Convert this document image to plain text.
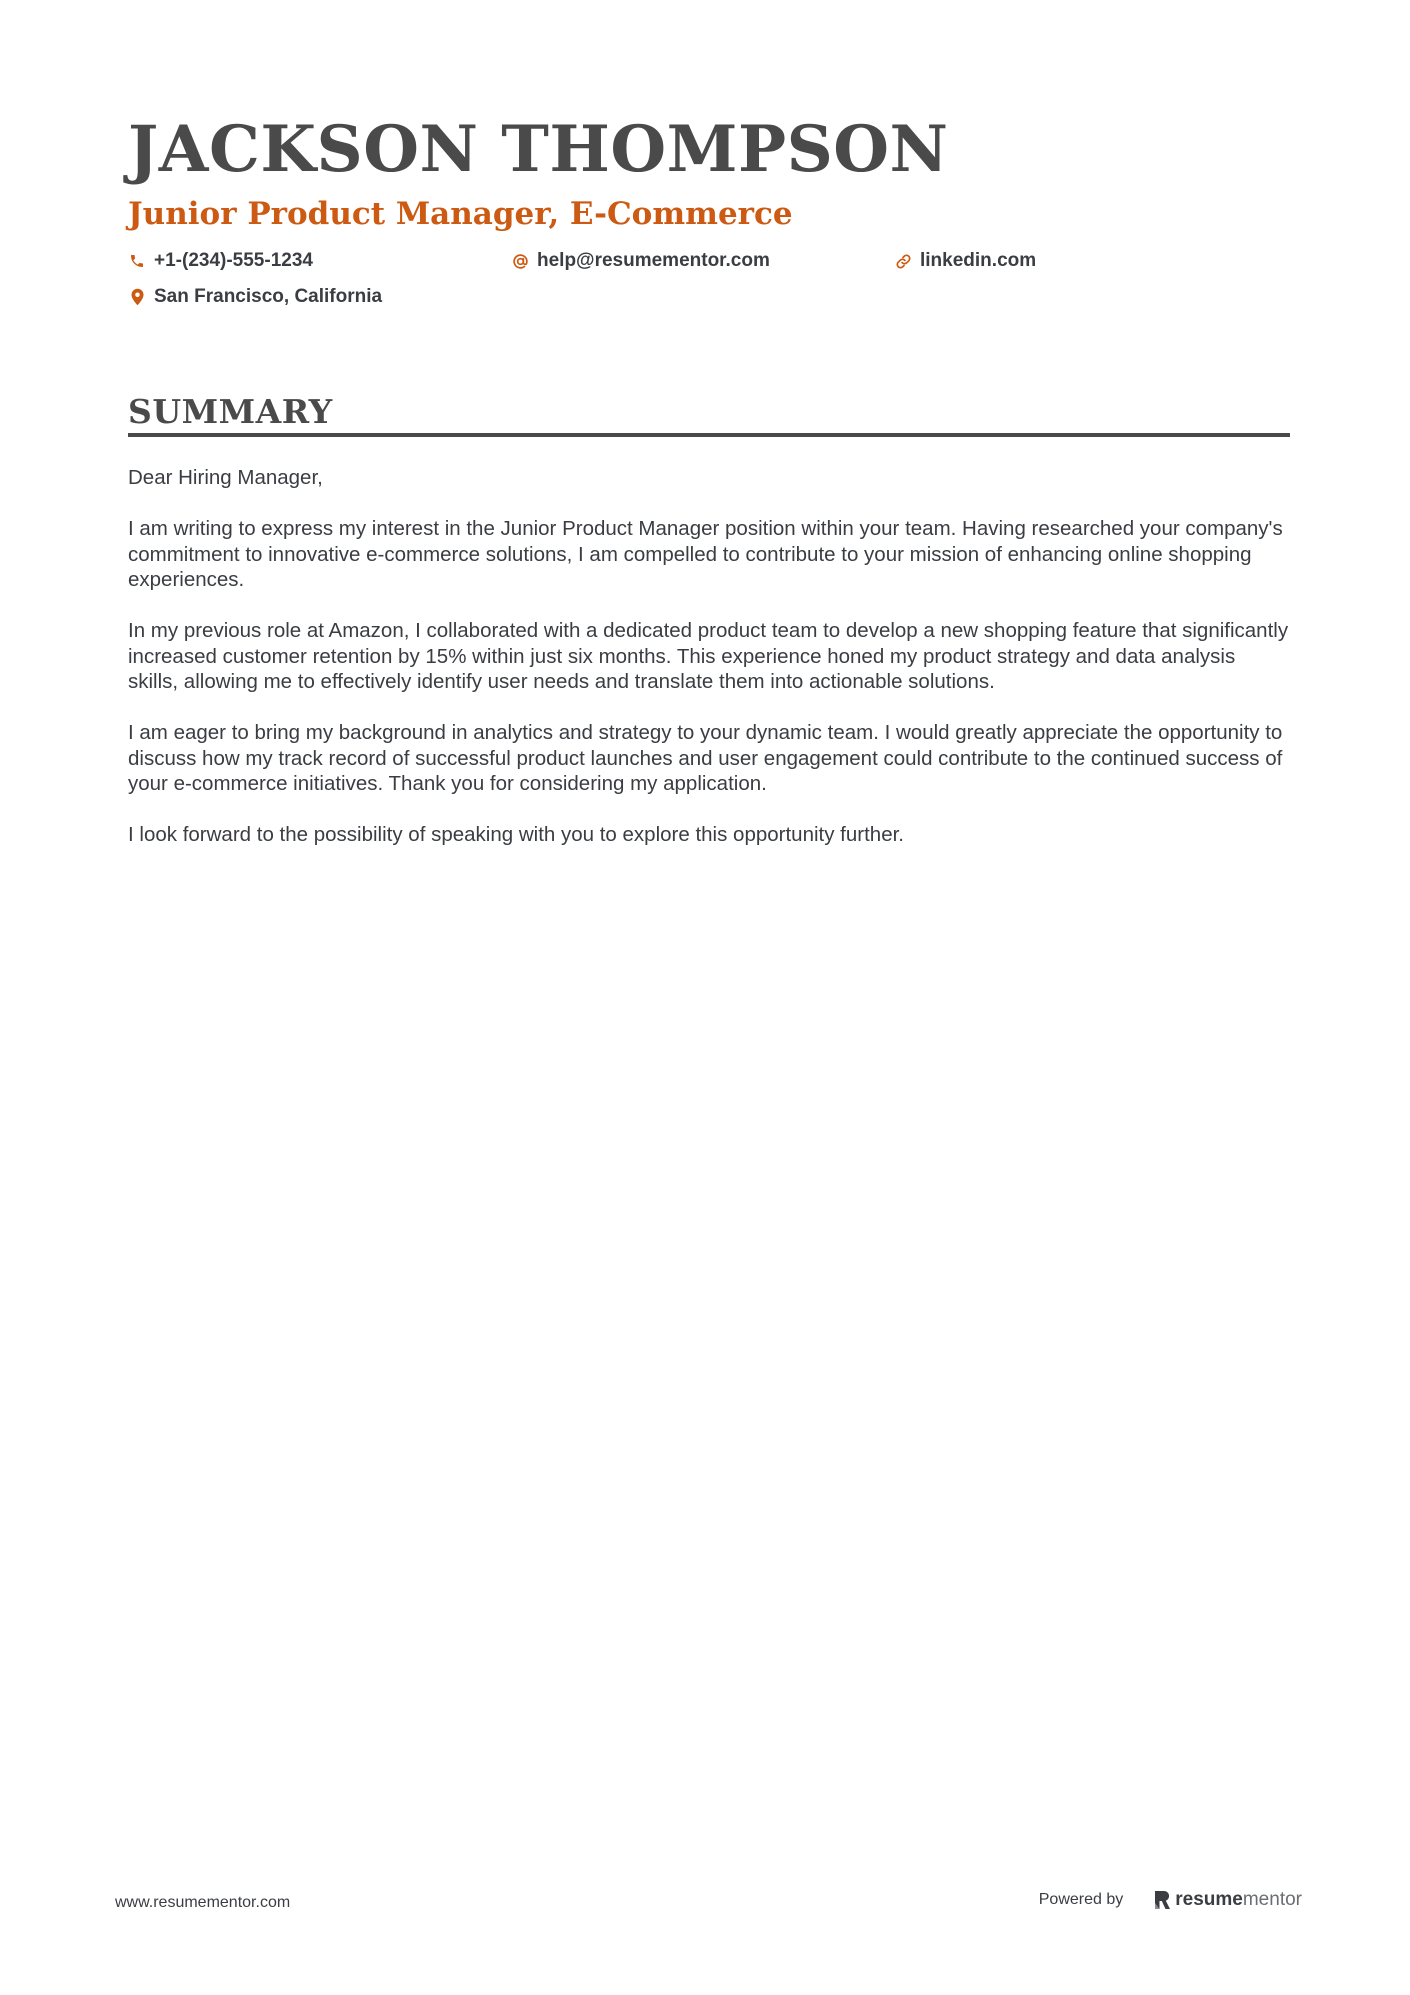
JACKSON THOMPSON
Junior Product Manager, E-Commerce
+1-(234)-555-1234	help@resumementor.com	linkedin.com
San Francisco, California
SUMMARY

Dear Hiring Manager,

I am writing to express my interest in the Junior Product Manager position within your team. Having researched your company's commitment to innovative e-commerce solutions, I am compelled to contribute to your mission of enhancing online shopping experiences.

In my previous role at Amazon, I collaborated with a dedicated product team to develop a new shopping feature that significantly increased customer retention by 15% within just six months. This experience honed my product strategy and data analysis skills, allowing me to effectively identify user needs and translate them into actionable solutions.

I am eager to bring my background in analytics and strategy to your dynamic team. I would greatly appreciate the opportunity to discuss how my track record of successful product launches and user engagement could contribute to the continued success of your e-commerce initiatives. Thank you for considering my application.

I look forward to the possibility of speaking with you to explore this opportunity further.

www.resumementor.com	Powered by	resume mentor
